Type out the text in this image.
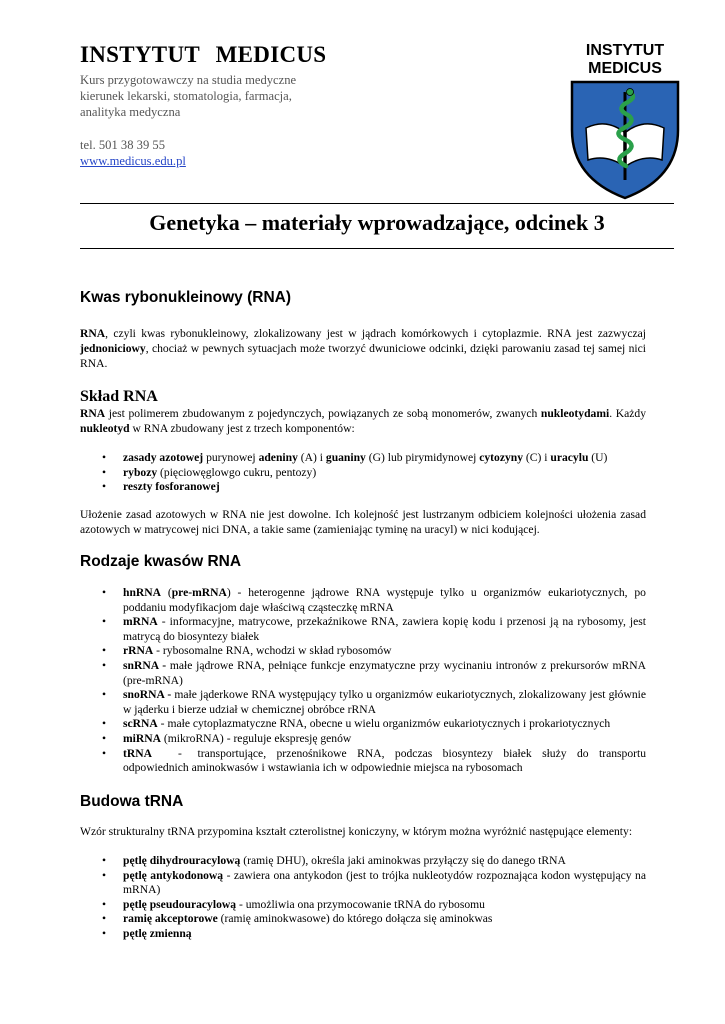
INSTYTUT MEDICUS
Kurs przygotowawczy na studia medyczne
kierunek lekarski, stomatologia, farmacja,
analityka medyczna
tel. 501 38 39 55
www.medicus.edu.pl
INSTYTUT
MEDICUS
Genetyka – materiały wprowadzające, odcinek 3
Kwas rybonukleinowy (RNA)

RNA, czyli kwas rybonukleinowy, zlokalizowany jest w jądrach komórkowych i cytoplazmie. RNA jest zazwyczaj jednoniciowy, chociaż w pewnych sytuacjach może tworzyć dwuniciowe odcinki, dzięki parowaniu zasad tej samej nici RNA.

Skład RNA

RNA jest polimerem zbudowanym z pojedynczych, powiązanych ze sobą monomerów, zwanych nukleotydami. Każdy nukleotyd w RNA zbudowany jest z trzech komponentów:

• zasady azotowej purynowej adeniny (A) i guaniny (G) lub pirymidynowej cytozyny (C) i uracylu (U)
• rybozy (pięciowęglowgo cukru, pentozy)
• reszty fosforanowej

Ułożenie zasad azotowych w RNA nie jest dowolne. Ich kolejność jest lustrzanym odbiciem kolejności ułożenia zasad azotowych w matrycowej nici DNA, a takie same (zamieniając tyminę na uracyl) w nici kodującej.

Rodzaje kwasów RNA
• hnRNA (pre-mRNA) - heterogenne jądrowe RNA występuje tylko u organizmów eukariotycznych, po poddaniu modyfikacjom daje właściwą cząsteczkę mRNA
• mRNA - informacyjne, matrycowe, przekaźnikowe RNA, zawiera kopię kodu i przenosi ją na rybosomy, jest matrycą do biosyntezy białek
• rRNA - rybosomalne RNA, wchodzi w skład rybosomów
• snRNA - małe jądrowe RNA, pełniące funkcje enzymatyczne przy wycinaniu intronów z prekursorów mRNA (pre-mRNA)
• snoRNA - małe jąderkowe RNA występujący tylko u organizmów eukariotycznych, zlokalizowany jest głównie w jąderku i bierze udział w chemicznej obróbce rRNA
• scRNA - małe cytoplazmatyczne RNA, obecne u wielu organizmów eukariotycznych i prokariotycznych
• miRNA (mikroRNA) - reguluje ekspresję genów
• tRNA     -   transportujące,  przenośnikowe  RNA,  podczas  biosyntezy  białek  służy  do  transportu odpowiednich aminokwasów i wstawiania ich w odpowiednie miejsca na rybosomach
Budowa tRNA

Wzór strukturalny tRNA przypomina kształt czterolistnej koniczyny, w którym można wyróżnić następujące elementy:

• pętlę dihydrouracylową (ramię DHU), określa jaki aminokwas przyłączy się do danego tRNA
• pętlę antykodonową - zawiera ona antykodon (jest to trójka nukleotydów rozpoznająca kodon występujący na mRNA)
• pętlę pseudouracylową - umożliwia ona przymocowanie tRNA do rybosomu
• ramię akceptorowe (ramię aminokwasowe) do którego dołącza się aminokwas
• pętlę zmienną
